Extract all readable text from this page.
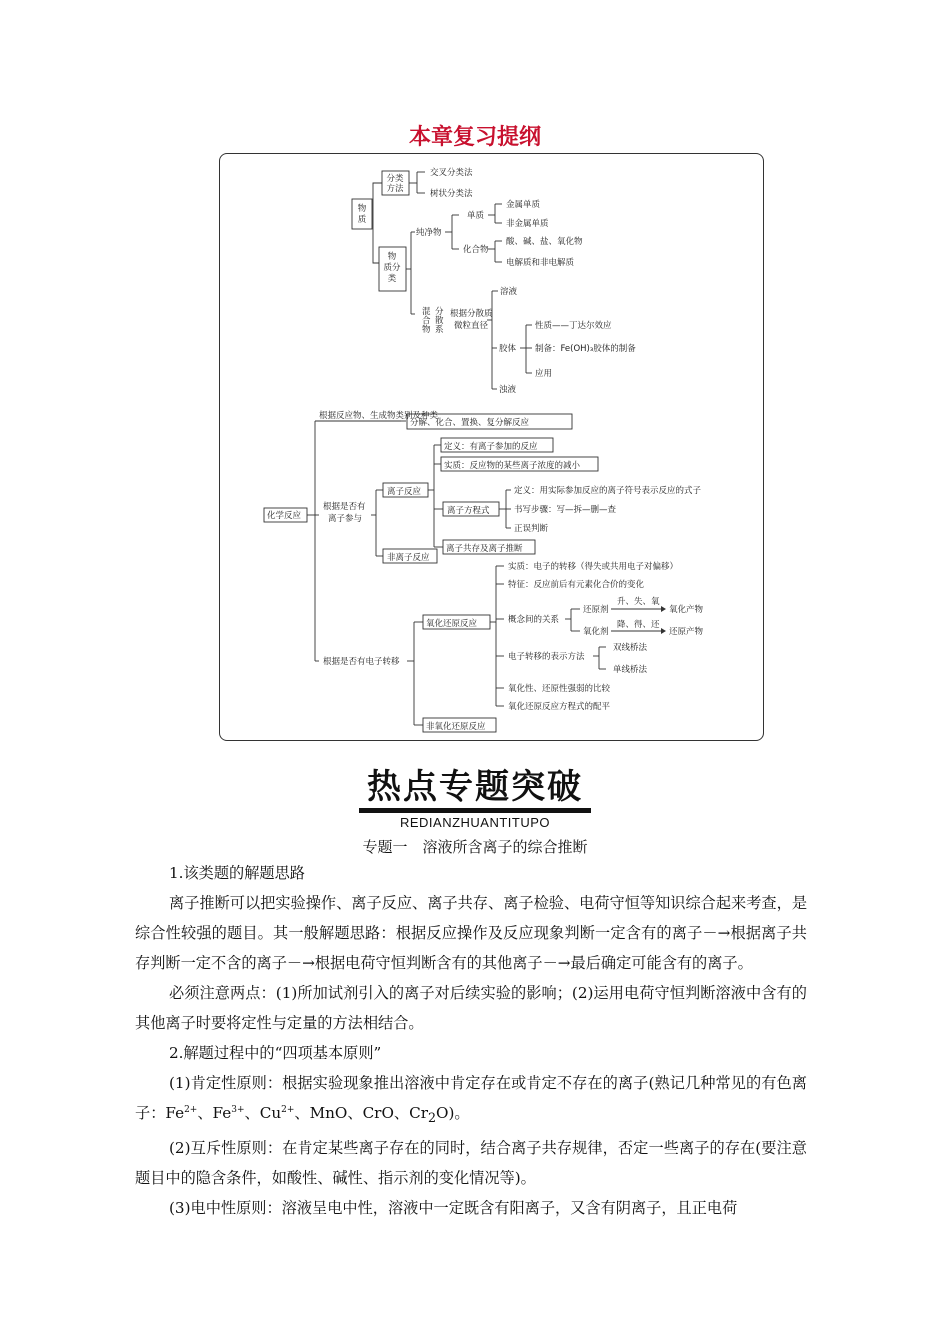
本章复习提纲
物
质
分类
方法
交叉分类法
树状分类法
物
质分
类
纯净物
单质
金属单质
非金属单质
化合物
酸、碱、盐、氧化物
电解质和非电解质
混
合
物
分
散
系
根据分散质
微粒直径
溶液
胶体
性质——丁达尔效应
制备：Fe(OH)₃胶体的制备
应用
浊液
化学反应
根据反应物、生成物类别及种类
分解、化合、置换、复分解反应
根据是否有
离子参与
离子反应
定义：有离子参加的反应
实质：反应物的某些离子浓度的减小
离子方程式
定义：用实际参加反应的离子符号表示反应的式子
书写步骤：写—拆—删—查
正误判断
离子共存及离子推断
非离子反应
根据是否有电子转移
氧化还原反应
实质：电子的转移（得失或共用电子对偏移）
特征：反应前后有元素化合价的变化
概念间的关系
还原剂
升、失、氧
氧化产物
氧化剂
降、得、还
还原产物
电子转移的表示方法
双线桥法
单线桥法
氧化性、还原性强弱的比较
氧化还原反应方程式的配平
非氧化还原反应
热点专题突破
REDIANZHUANTITUPO
专题一　溶液所含离子的综合推断

1.该类题的解题思路

离子推断可以把实验操作、离子反应、离子共存、离子检验、电荷守恒等知识综合起来考查，是综合性较强的题目。其一般解题思路：根据反应操作及反应现象判断一定含有的离子－→根据离子共存判断一定不含的离子－→根据电荷守恒判断含有的其他离子－→最后确定可能含有的离子。

必须注意两点：(1)所加试剂引入的离子对后续实验的影响；(2)运用电荷守恒判断溶液中含有的其他离子时要将定性与定量的方法相结合。

2.解题过程中的“四项基本原则”

(1)肯定性原则：根据实验现象推出溶液中肯定存在或肯定不存在的离子(熟记几种常见的有色离子：$Fe^{2+}$、$Fe^{3+}$、$Cu^{2+}$、MnO、CrO、$Cr_2O$)。

(2)互斥性原则：在肯定某些离子存在的同时，结合离子共存规律，否定一些离子的存在(要注意题目中的隐含条件，如酸性、碱性、指示剂的变化情况等)。

(3)电中性原则：溶液呈电中性，溶液中一定既含有阳离子，又含有阴离子，且正电荷
